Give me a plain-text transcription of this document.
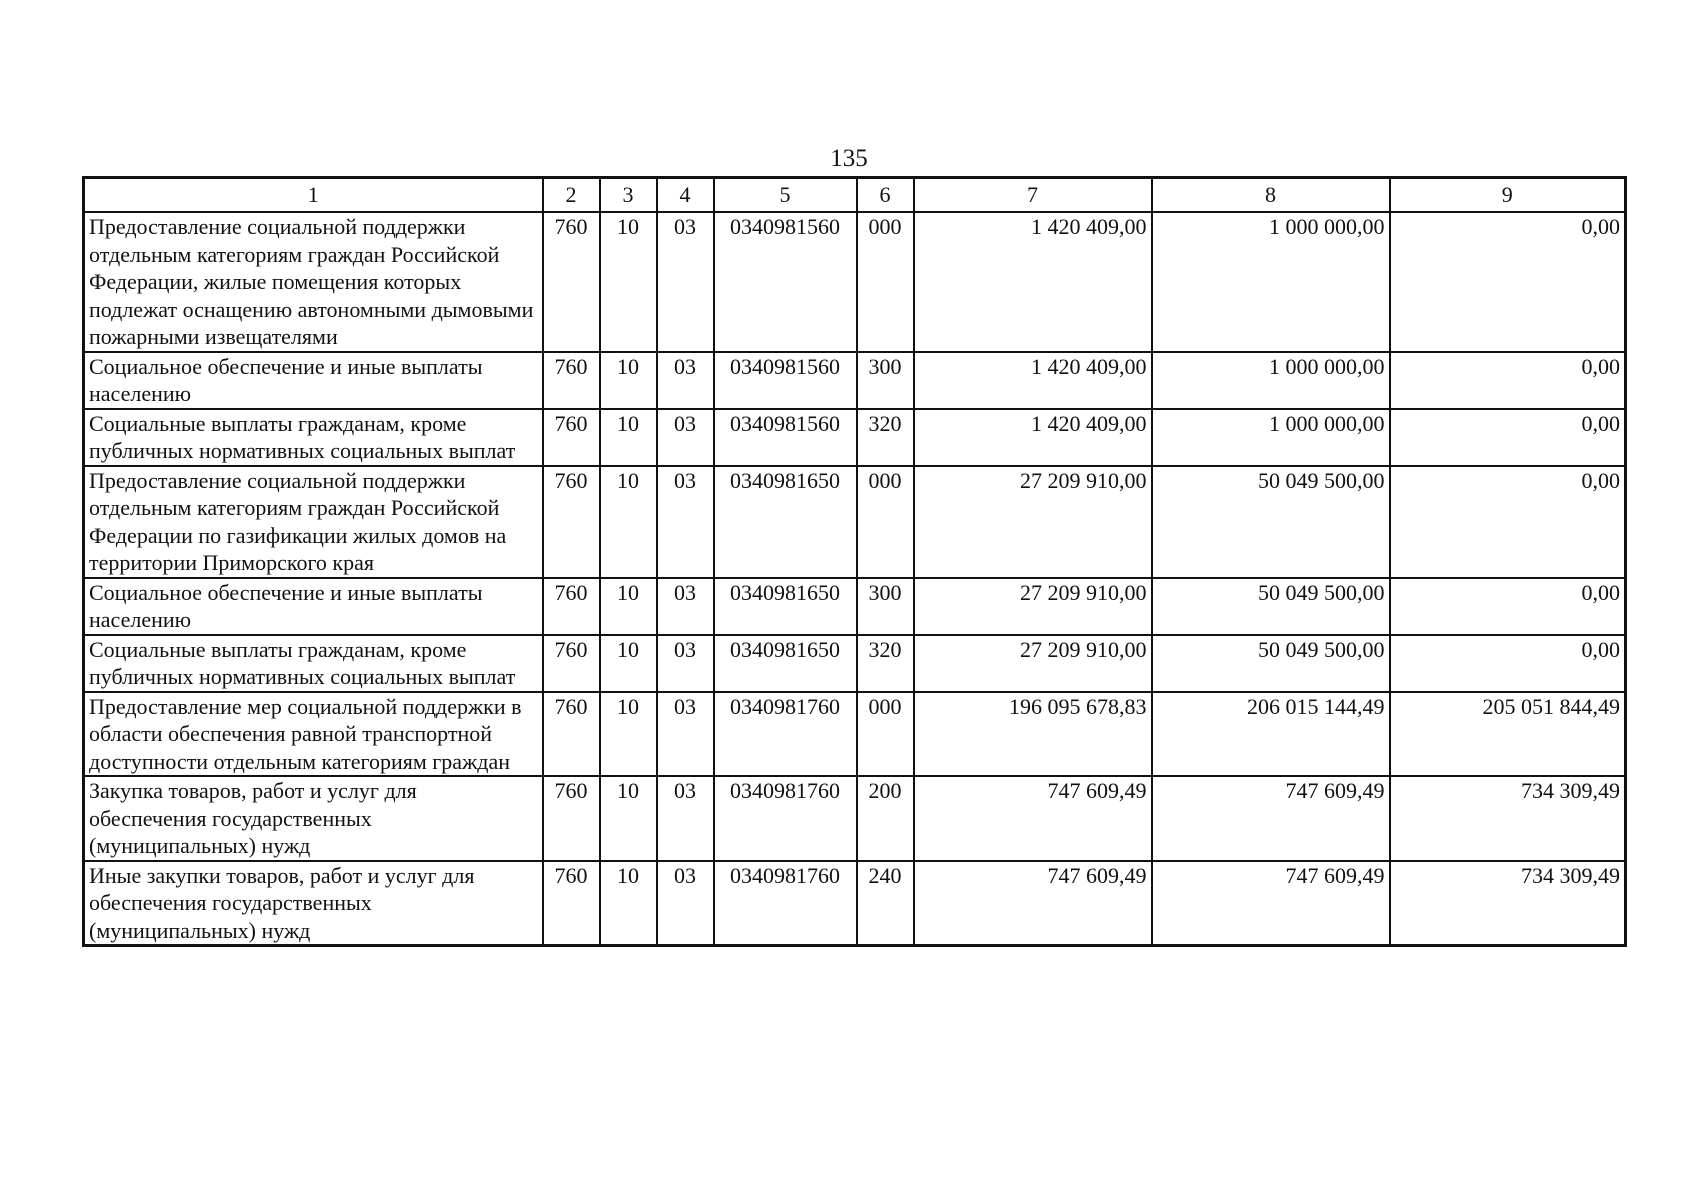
135
1	2	3	4	5	6	7	8	9
Предоставление социальной поддержки отдельным категориям граждан Российской Федерации, жилые помещения которых подлежат оснащению автономными дымовыми пожарными извещателями	760	10	03	0340981560	000	1 420 409,00	1 000 000,00	0,00
Социальное обеспечение и иные выплаты населению	760	10	03	0340981560	300	1 420 409,00	1 000 000,00	0,00
Социальные выплаты гражданам, кроме публичных нормативных социальных выплат	760	10	03	0340981560	320	1 420 409,00	1 000 000,00	0,00
Предоставление социальной поддержки отдельным категориям граждан Российской Федерации по газификации жилых домов на территории Приморского края	760	10	03	0340981650	000	27 209 910,00	50 049 500,00	0,00
Социальное обеспечение и иные выплаты населению	760	10	03	0340981650	300	27 209 910,00	50 049 500,00	0,00
Социальные выплаты гражданам, кроме публичных нормативных социальных выплат	760	10	03	0340981650	320	27 209 910,00	50 049 500,00	0,00
Предоставление мер социальной поддержки в области обеспечения равной транспортной доступности отдельным категориям граждан	760	10	03	0340981760	000	196 095 678,83	206 015 144,49	205 051 844,49
Закупка товаров, работ и услуг для обеспечения государственных (муниципальных) нужд	760	10	03	0340981760	200	747 609,49	747 609,49	734 309,49
Иные закупки товаров, работ и услуг для обеспечения государственных (муниципальных) нужд	760	10	03	0340981760	240	747 609,49	747 609,49	734 309,49
